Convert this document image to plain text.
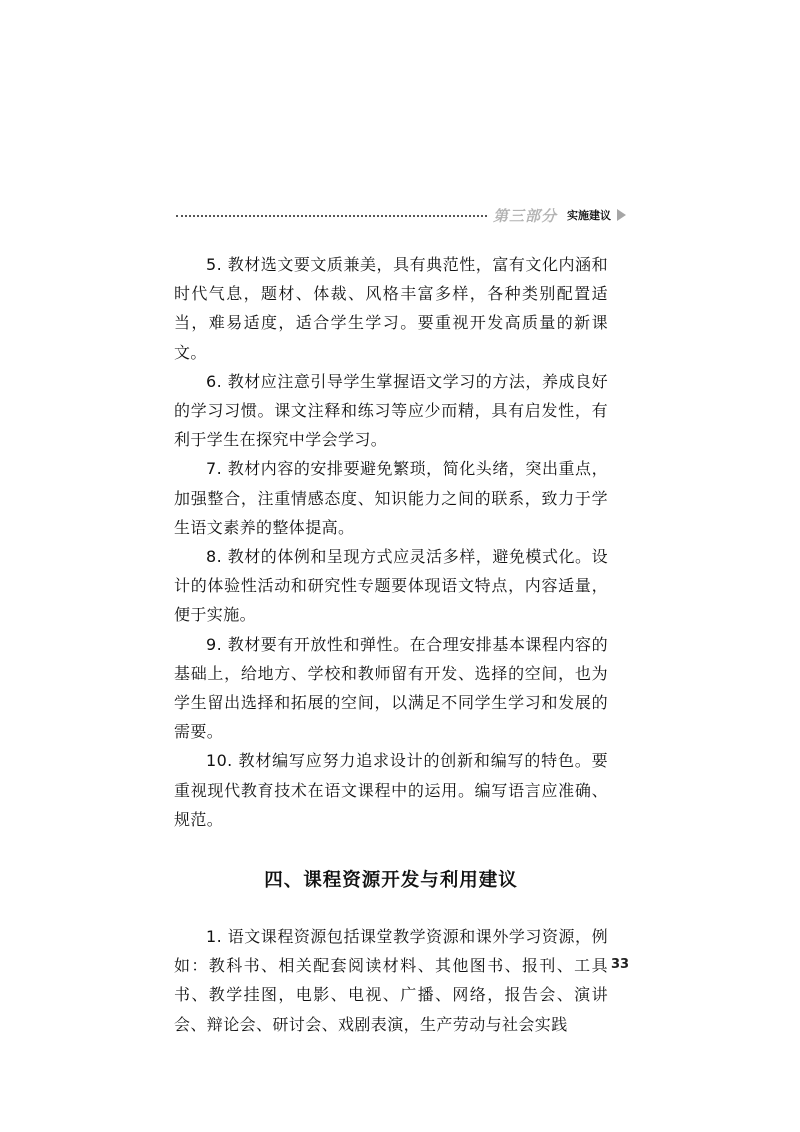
第三部分 实施建议

5. 教材选文要文质兼美，具有典范性，富有文化内涵和时代气息，题材、体裁、风格丰富多样，各种类别配置适当，难易适度，适合学生学习。要重视开发高质量的新课文。

6. 教材应注意引导学生掌握语文学习的方法，养成良好的学习习惯。课文注释和练习等应少而精，具有启发性，有利于学生在探究中学会学习。

7. 教材内容的安排要避免繁琐，简化头绪，突出重点，加强整合，注重情感态度、知识能力之间的联系，致力于学生语文素养的整体提高。

8. 教材的体例和呈现方式应灵活多样，避免模式化。设计的体验性活动和研究性专题要体现语文特点，内容适量，便于实施。

9. 教材要有开放性和弹性。在合理安排基本课程内容的基础上，给地方、学校和教师留有开发、选择的空间，也为学生留出选择和拓展的空间，以满足不同学生学习和发展的需要。

10. 教材编写应努力追求设计的创新和编写的特色。要重视现代教育技术在语文课程中的运用。编写语言应准确、规范。

四、课程资源开发与利用建议

1. 语文课程资源包括课堂教学资源和课外学习资源，例如：教科书、相关配套阅读材料、其他图书、报刊、工具书、教学挂图，电影、电视、广播、网络，报告会、演讲会、辩论会、研讨会、戏剧表演，生产劳动与社会实践

33
